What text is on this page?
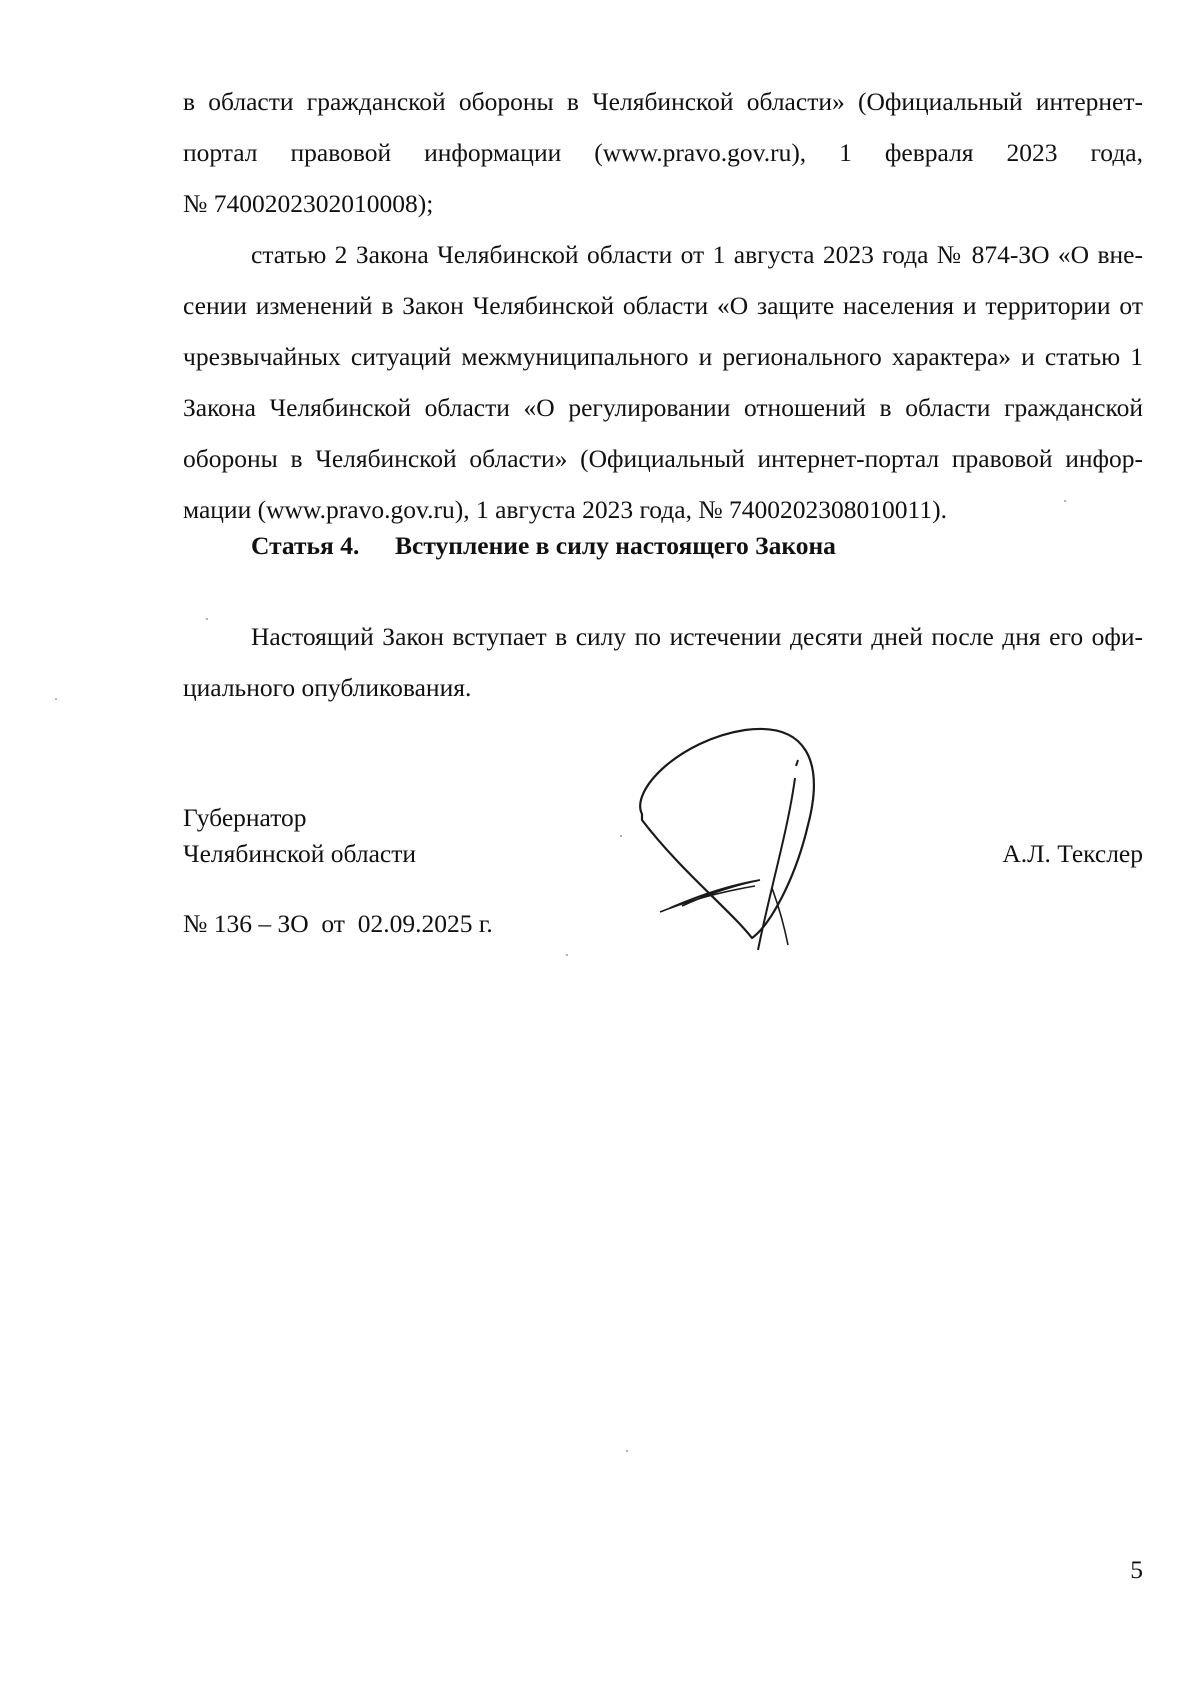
в области гражданской обороны в Челябинской области» (Официальный интернет-
портал правовой информации (www.pravo.gov.ru), 1 февраля 2023 года,
№ 7400202302010008);
статью 2 Закона Челябинской области от 1 августа 2023 года № 874-ЗО «О вне-
сении изменений в Закон Челябинской области «О защите населения и территории от
чрезвычайных ситуаций межмуниципального и регионального характера» и статью 1
Закона Челябинской области «О регулировании отношений в области гражданской
обороны в Челябинской области» (Официальный интернет-портал правовой инфор-
мации (www.pravo.gov.ru), 1 августа 2023 года, № 7400202308010011).
Статья 4. Вступление в силу настоящего Закона
Настоящий Закон вступает в силу по истечении десяти дней после дня его офи-
циального опубликования.
Губернатор
Челябинской области	А.Л. Текслер
№ 136 – ЗО  от  02.09.2025 г.
5
